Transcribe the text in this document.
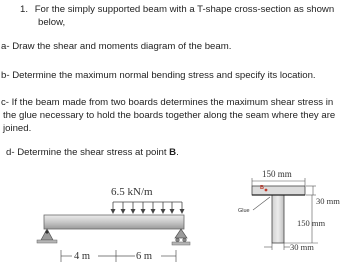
1. For the simply supported beam with a T-shape cross-section as shown
below,
a- Draw the shear and moments diagram of the beam.
b- Determine the maximum normal bending stress and specify its location.
c- If the beam made from two boards determines the maximum shear stress in
the glue necessary to hold the boards together along the seam where they are
joined.
d- Determine the shear stress at point B.
6.5 kN/m
4 m	6 m
150 mm
30 mm
150 mm
30 mm
Glue
B
